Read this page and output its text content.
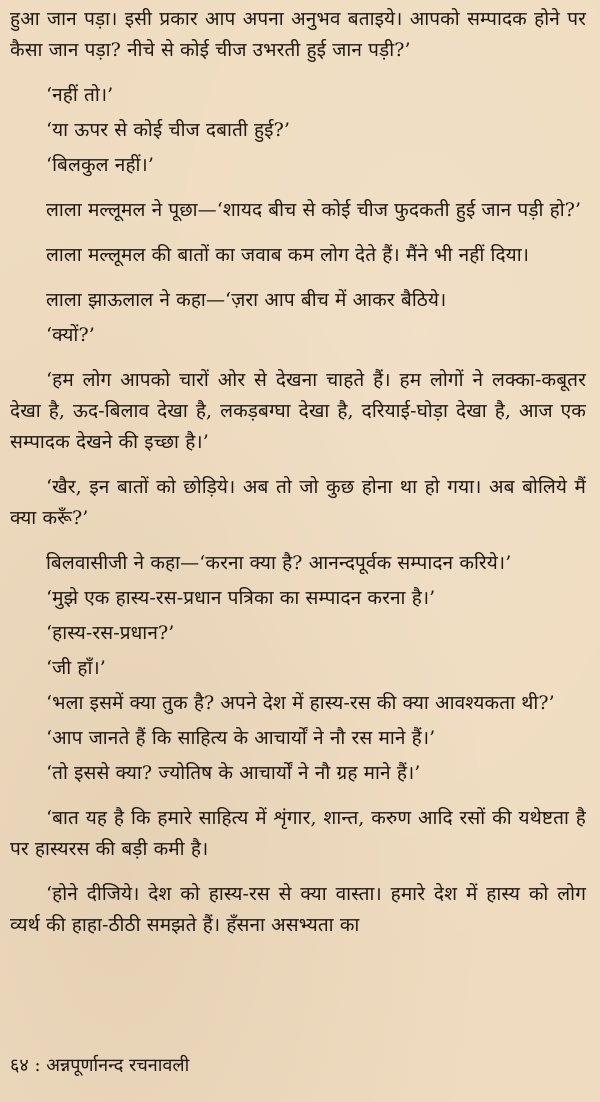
हुआ जान पड़ा। इसी प्रकार आप अपना अनुभव बताइये। आपको सम्पादक होने पर कैसा जान पड़ा? नीचे से कोई चीज उभरती हुई जान पड़ी?’

‘नहीं तो।’

‘या ऊपर से कोई चीज दबाती हुई?’

‘बिलकुल नहीं।’

लाला मल्लूमल ने पूछा—‘शायद बीच से कोई चीज फुदकती हुई जान पड़ी हो?’

लाला मल्लूमल की बातों का जवाब कम लोग देते हैं। मैंने भी नहीं दिया।

लाला झाऊलाल ने कहा—‘ज़रा आप बीच में आकर बैठिये।

‘क्यों?’

‘हम लोग आपको चारों ओर से देखना चाहते हैं। हम लोगों ने लक्का-कबूतर देखा है, ऊद-बिलाव देखा है, लकड़बग्घा देखा है, दरियाई-घोड़ा देखा है, आज एक सम्पादक देखने की इच्छा है।’

‘खैर, इन बातों को छोड़िये। अब तो जो कुछ होना था हो गया। अब बोलिये मैं क्या करूँ?’

बिलवासीजी ने कहा—‘करना क्या है? आनन्दपूर्वक सम्पादन करिये।’

‘मुझे एक हास्य-रस-प्रधान पत्रिका का सम्पादन करना है।’

‘हास्य-रस-प्रधान?’

‘जी हाँ।’

‘भला इसमें क्या तुक है? अपने देश में हास्य-रस की क्या आवश्यकता थी?’

‘आप जानते हैं कि साहित्य के आचार्यों ने नौ रस माने हैं।’

‘तो इससे क्या? ज्योतिष के आचार्यों ने नौ ग्रह माने हैं।’

‘बात यह है कि हमारे साहित्य में शृंगार, शान्त, करुण आदि रसों की यथेष्टता है पर हास्यरस की बड़ी कमी है।

‘होने दीजिये। देश को हास्य-रस से क्या वास्ता। हमारे देश में हास्य को लोग व्यर्थ की हाहा-ठीठी समझते हैं। हँसना असभ्यता का

६४ : अन्नपूर्णानन्द रचनावली
